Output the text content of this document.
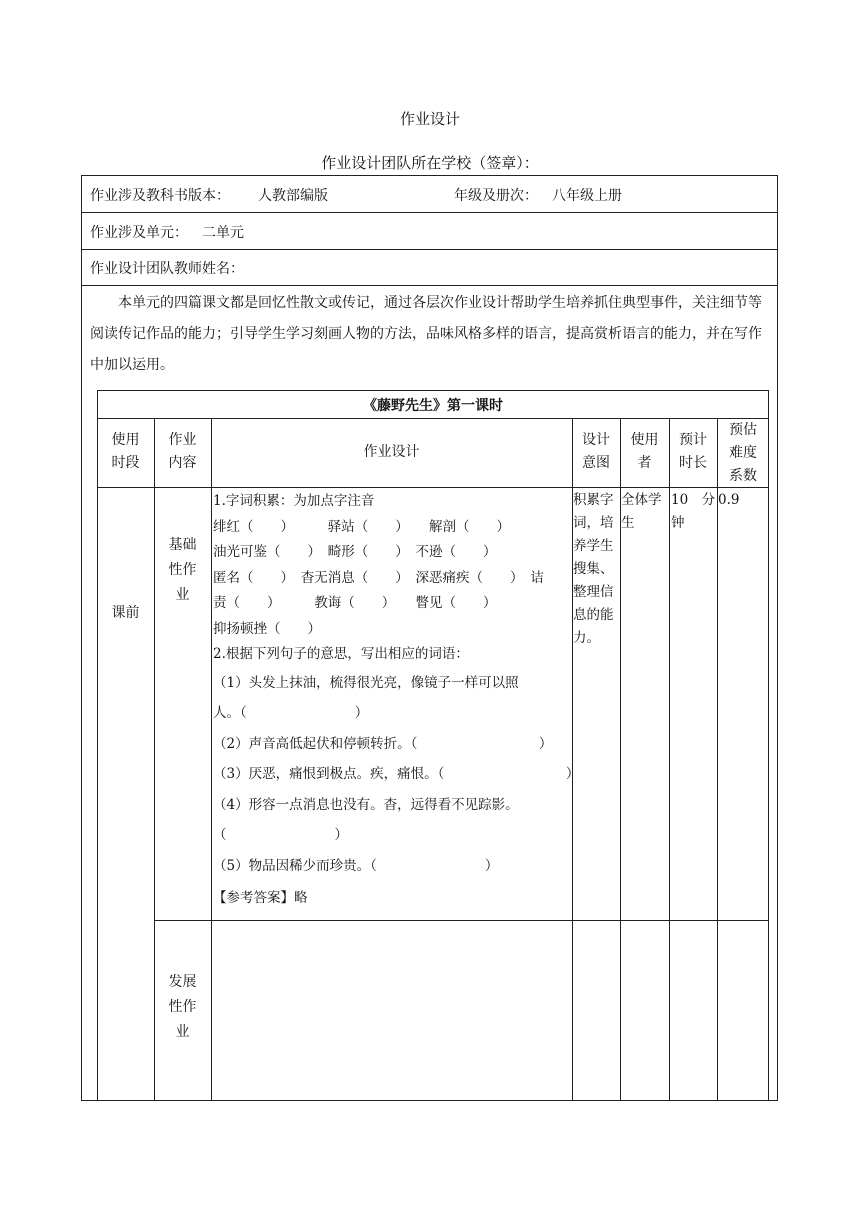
作业设计
作业设计团队所在学校（签章）：
作业涉及教科书版本： 人教部编版	年级及册次： 八年级上册
作业涉及单元： 二单元
作业设计团队教师姓名：
本单元的四篇课文都是回忆性散文或传记，通过各层次作业设计帮助学生培养抓住典型事件，关注细节等阅读传记作品的能力；引导学生学习刻画人物的方法，品味风格多样的语言，提高赏析语言的能力，并在写作中加以运用。
《藤野先生》第一课时
使用
时段
作业
内容
作业设计
设计
意图
使用
者
预计
时长
预估
难度
系数
课前
基础
性作
业
1.字词积累：为加点字注音
绯红（　　）　　　驿站（　　）　　解剖（　　）
油光可鉴（　　）　畸形（　　）　不逊（　　）
匿名（　　）　杳无消息（　　）　深恶痛疾（　　）　诘
责（　　）　　　教诲（　　）　　瞥见（　　）
抑扬顿挫（　　）
2.根据下列句子的意思，写出相应的词语：
（1）头发上抹油，梳得很光亮，像镜子一样可以照
人。（　　　　　　　　）
（2）声音高低起伏和停顿转折。（　　　　　　　　　）
（3）厌恶，痛恨到极点。疾，痛恨。（　　　　　　　　　）
（4）形容一点消息也没有。杳，远得看不见踪影。
（　　　　　　　　）
（5）物品因稀少而珍贵。（　　　　　　　　）
【参考答案】略
积累字
词，培
养学生
搜集、
整理信
息的能
力。
全体学
生
10　分
钟
0.9
发展
性作
业
